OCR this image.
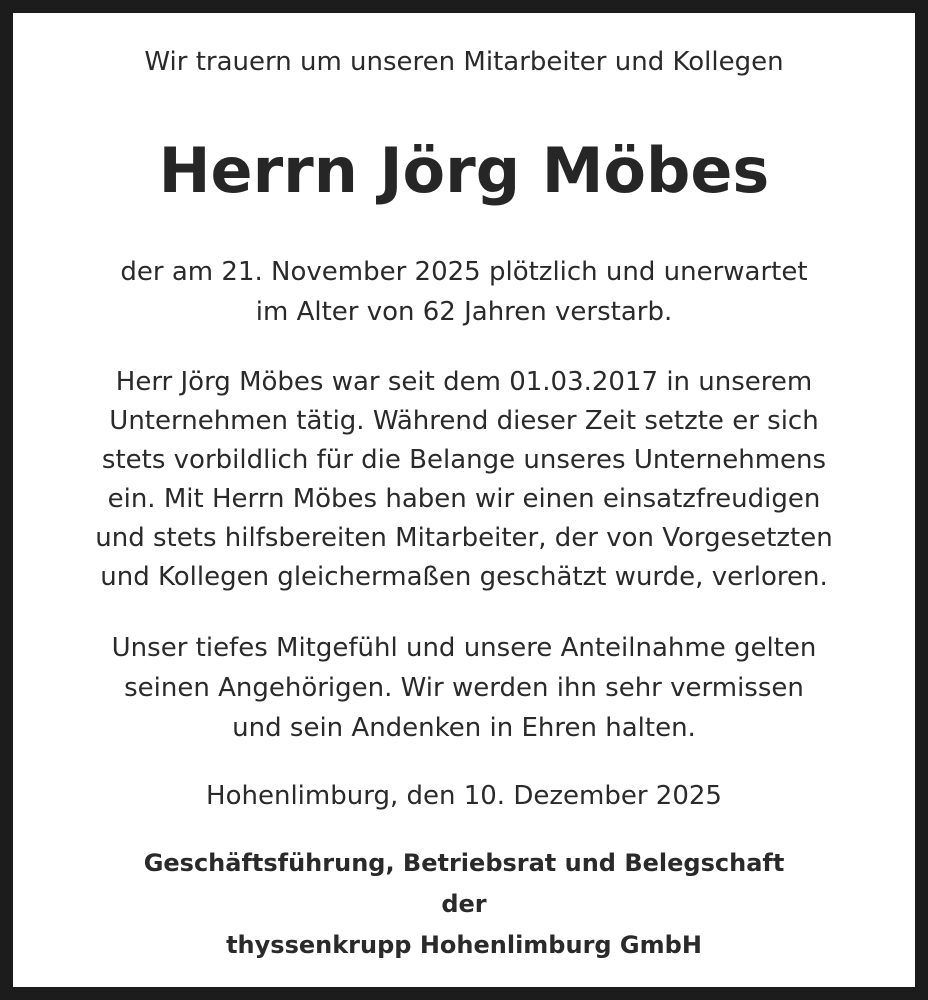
Wir trauern um unseren Mitarbeiter und Kollegen
Herrn Jörg Möbes
der am 21. November 2025 plötzlich und unerwartet
im Alter von 62 Jahren verstarb.
Herr Jörg Möbes war seit dem 01.03.2017 in unserem
Unternehmen tätig. Während dieser Zeit setzte er sich
stets vorbildlich für die Belange unseres Unternehmens
ein. Mit Herrn Möbes haben wir einen einsatzfreudigen
und stets hilfsbereiten Mitarbeiter, der von Vorgesetzten
und Kollegen gleichermaßen geschätzt wurde, verloren.
Unser tiefes Mitgefühl und unsere Anteilnahme gelten
seinen Angehörigen. Wir werden ihn sehr vermissen
und sein Andenken in Ehren halten.
Hohenlimburg, den 10. Dezember 2025
Geschäftsführung, Betriebsrat und Belegschaft
der
thyssenkrupp Hohenlimburg GmbH
